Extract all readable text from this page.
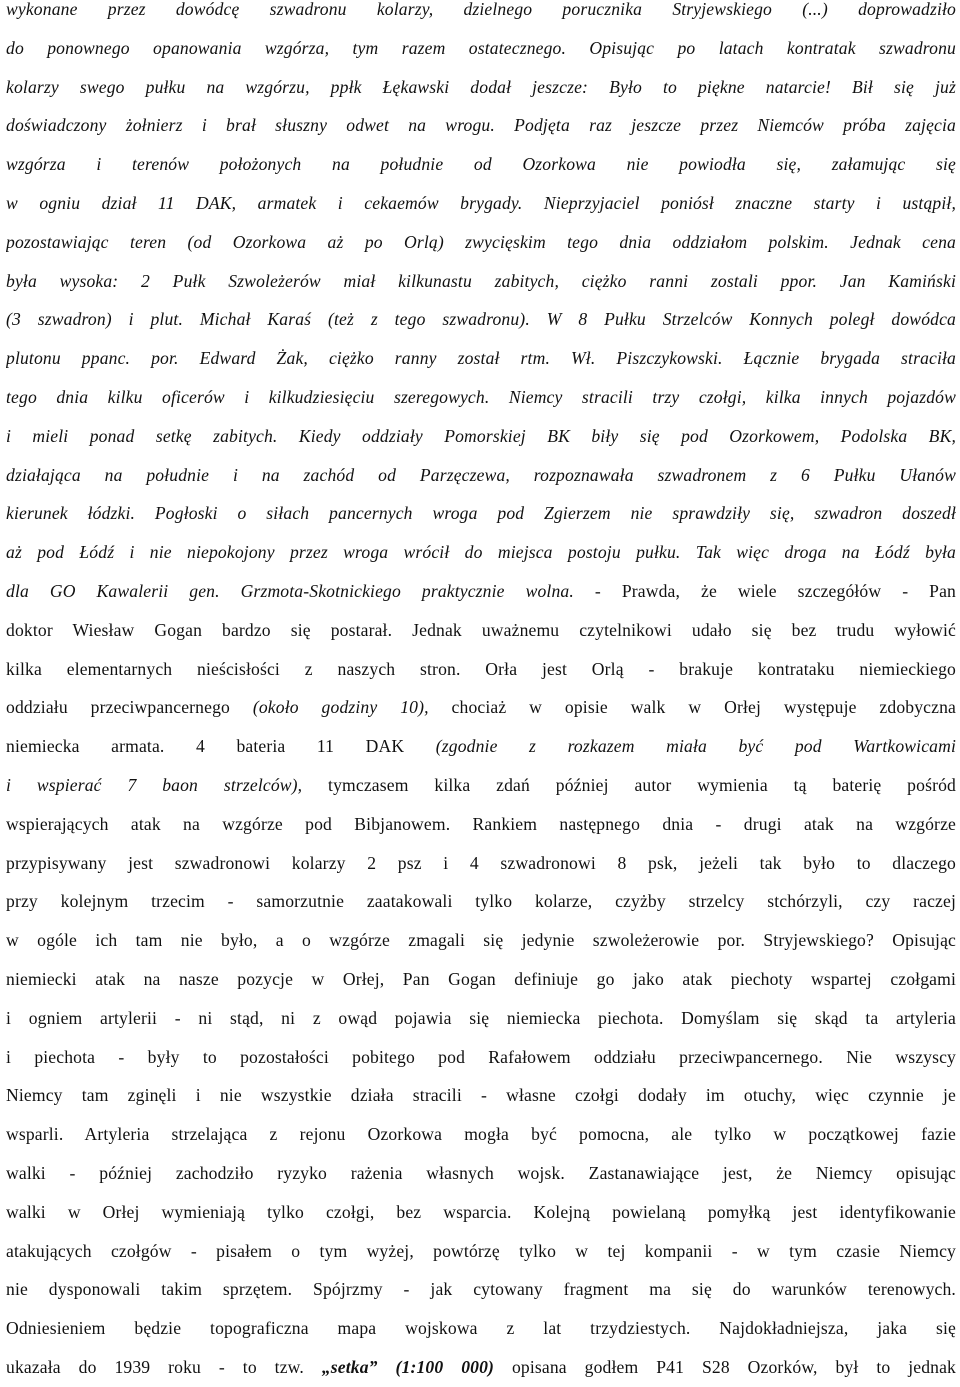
wykonane przez dowódcę szwadronu kolarzy, dzielnego porucznika Stryjewskiego (...) doprowadziło
do ponownego opanowania wzgórza, tym razem ostatecznego. Opisując po latach kontratak szwadronu
kolarzy swego pułku na wzgórzu, ppłk Łękawski dodał jeszcze: Było to piękne natarcie! Bił się już
doświadczony żołnierz i brał słuszny odwet na wrogu. Podjęta raz jeszcze przez Niemców próba zajęcia
wzgórza i terenów położonych na południe od Ozorkowa nie powiodła się, załamując się
w ogniu dział 11 DAK, armatek i cekaemów brygady. Nieprzyjaciel poniósł znaczne starty i ustąpił,
pozostawiając teren (od Ozorkowa aż po Orlą) zwycięskim tego dnia oddziałom polskim. Jednak cena
była wysoka: 2 Pułk Szwoleżerów miał kilkunastu zabitych, ciężko ranni zostali ppor. Jan Kamiński
(3 szwadron) i plut. Michał Karaś (też z tego szwadronu). W 8 Pułku Strzelców Konnych poległ dowódca
plutonu ppanc. por. Edward Żak, ciężko ranny został rtm. Wł. Piszczykowski. Łącznie brygada straciła
tego dnia kilku oficerów i kilkudziesięciu szeregowych. Niemcy stracili trzy czołgi, kilka innych pojazdów
i mieli ponad setkę zabitych. Kiedy oddziały Pomorskiej BK biły się pod Ozorkowem, Podolska BK,
działająca na południe i na zachód od Parzęczewa, rozpoznawała szwadronem z 6 Pułku Ułanów
kierunek łódzki. Pogłoski o siłach pancernych wroga pod Zgierzem nie sprawdziły się, szwadron doszedł
aż pod Łódź i nie niepokojony przez wroga wrócił do miejsca postoju pułku. Tak więc droga na Łódź była
dla GO Kawalerii gen. Grzmota-Skotnickiego praktycznie wolna. - Prawda, że wiele szczegółów - Pan
doktor Wiesław Gogan bardzo się postarał. Jednak uważnemu czytelnikowi udało się bez trudu wyłowić
kilka elementarnych nieścisłości z naszych stron. Orła jest Orlą - brakuje kontrataku niemieckiego
oddziału przeciwpancernego (około godziny 10), chociaż w opisie walk w Orłej występuje zdobyczna
niemiecka armata. 4 bateria 11 DAK (zgodnie z rozkazem miała być pod Wartkowicami
i wspierać 7 baon strzelców), tymczasem kilka zdań później autor wymienia tą baterię pośród
wspierających atak na wzgórze pod Bibjanowem. Rankiem następnego dnia - drugi atak na wzgórze
przypisywany jest szwadronowi kolarzy 2 psz i 4 szwadronowi 8 psk, jeżeli tak było to dlaczego
przy kolejnym trzecim - samorzutnie zaatakowali tylko kolarze, czyżby strzelcy stchórzyli, czy raczej
w ogóle ich tam nie było, a o wzgórze zmagali się jedynie szwoleżerowie por. Stryjewskiego? Opisując
niemiecki atak na nasze pozycje w Orłej, Pan Gogan definiuje go jako atak piechoty wspartej czołgami
i ogniem artylerii - ni stąd, ni z owąd pojawia się niemiecka piechota. Domyślam się skąd ta artyleria
i piechota - były to pozostałości pobitego pod Rafałowem oddziału przeciwpancernego. Nie wszyscy
Niemcy tam zginęli i nie wszystkie działa stracili - własne czołgi dodały im otuchy, więc czynnie je
wsparli. Artyleria strzelająca z rejonu Ozorkowa mogła być pomocna, ale tylko w początkowej fazie
walki - później zachodziło ryzyko rażenia własnych wojsk. Zastanawiające jest, że Niemcy opisując
walki w Orłej wymieniają tylko czołgi, bez wsparcia. Kolejną powielaną pomyłką jest identyfikowanie
atakujących czołgów - pisałem o tym wyżej, powtórzę tylko w tej kompanii - w tym czasie Niemcy
nie dysponowali takim sprzętem. Spójrzmy - jak cytowany fragment ma się do warunków terenowych.
Odniesieniem będzie topograficzna mapa wojskowa z lat trzydziestych. Najdokładniejsza, jaka się
ukazała do 1939 roku - to tzw. „setka” (1:100 000) opisana godłem P41 S28 Ozorków, był to jednak
